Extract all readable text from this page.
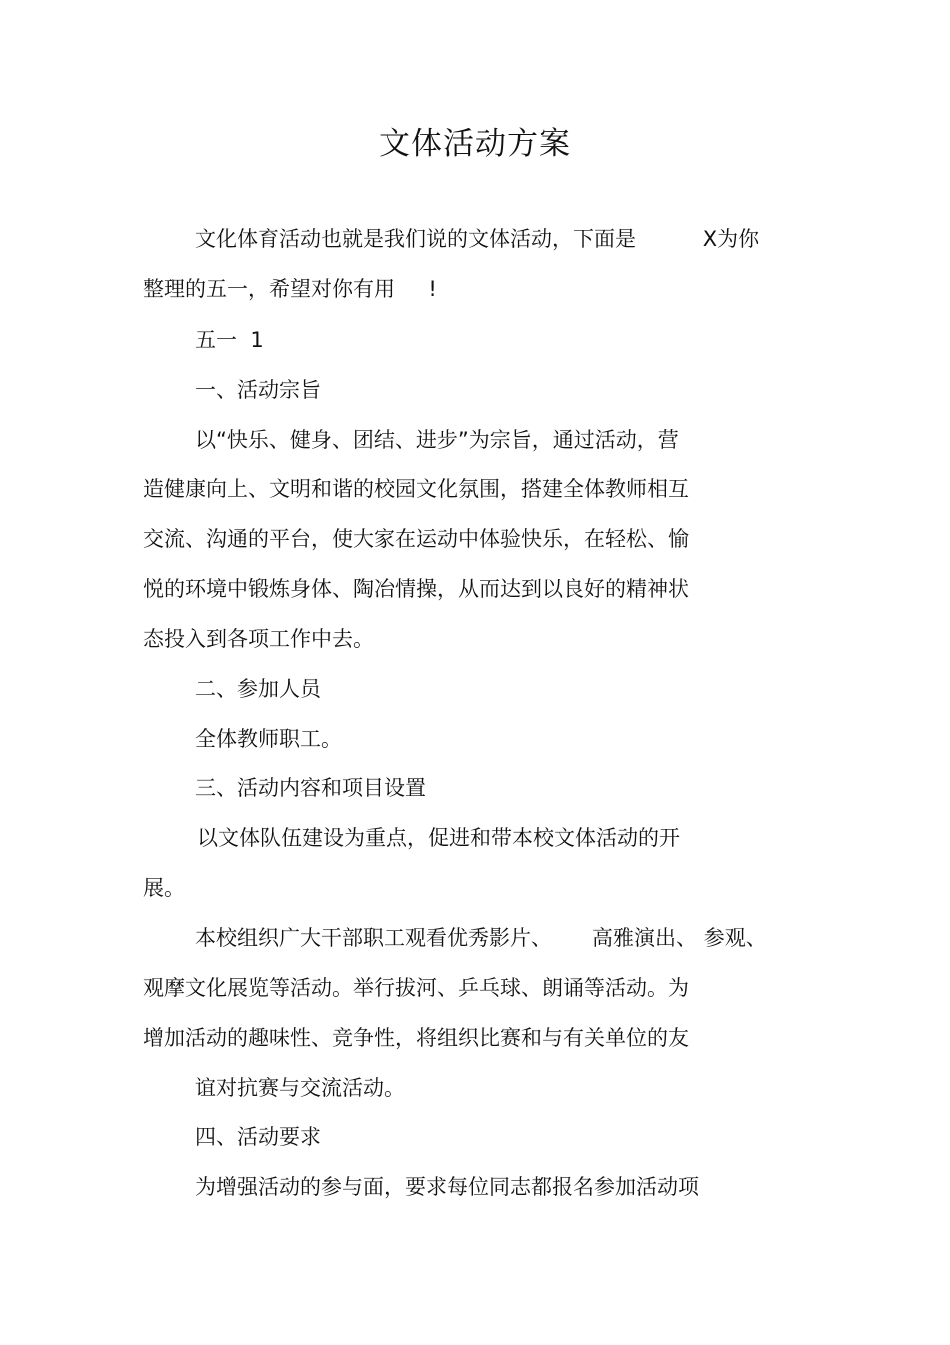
文体活动方案
文化体育活动也就是我们说的文体活动，下面是          X为你
整理的五一，希望对你有用     !
五一  1
一、活动宗旨
以“快乐、健身、团结、进步”为宗旨，通过活动，营
造健康向上、文明和谐的校园文化氛围，搭建全体教师相互
交流、沟通的平台，使大家在运动中体验快乐，在轻松、愉
悦的环境中锻炼身体、陶冶情操，从而达到以良好的精神状
态投入到各项工作中去。
二、参加人员
全体教师职工。
三、活动内容和项目设置
以文体队伍建设为重点，促进和带本校文体活动的开
展。
本校组织广大干部职工观看优秀影片、      高雅演出、 参观、
观摩文化展览等活动。举行拔河、乒乓球、朗诵等活动。为
增加活动的趣味性、竞争性，将组织比赛和与有关单位的友
谊对抗赛与交流活动。
四、活动要求
为增强活动的参与面，要求每位同志都报名参加活动项
